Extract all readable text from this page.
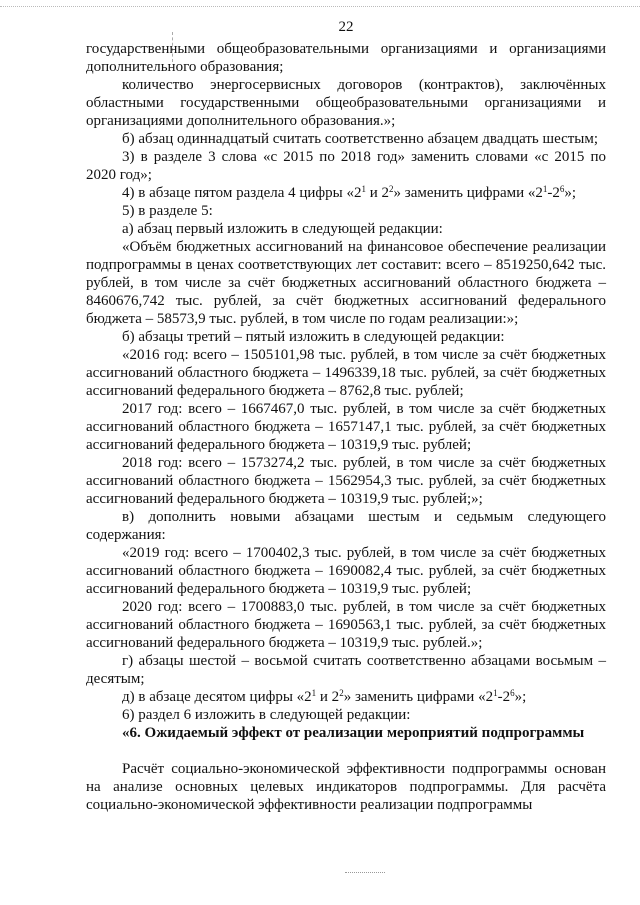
22

государственными общеобразовательными организациями и организациями дополнительного образования;

количество энергосервисных договоров (контрактов), заключённых областными государственными общеобразовательными организациями и организациями дополнительного образования.»;

б) абзац одиннадцатый считать соответственно абзацем двадцать шестым;

3) в разделе 3 слова «с 2015 по 2018 год» заменить словами «с 2015 по 2020 год»;

4) в абзаце пятом раздела 4 цифры «$2^1$ и $2^2$» заменить цифрами «$2^1-2^6$»;

5) в разделе 5:

а) абзац первый изложить в следующей редакции:

«Объём бюджетных ассигнований на финансовое обеспечение реализации подпрограммы в ценах соответствующих лет составит: всего – 8519250,642 тыс. рублей, в том числе за счёт бюджетных ассигнований областного бюджета – 8460676,742 тыс. рублей, за счёт бюджетных ассигнований федерального бюджета – 58573,9 тыс. рублей, в том числе по годам реализации:»;

б) абзацы третий – пятый изложить в следующей редакции:

«2016 год: всего – 1505101,98 тыс. рублей, в том числе за счёт бюджетных ассигнований областного бюджета – 1496339,18 тыс. рублей, за счёт бюджетных ассигнований федерального бюджета – 8762,8 тыс. рублей;

2017 год: всего – 1667467,0 тыс. рублей, в том числе за счёт бюджетных ассигнований областного бюджета – 1657147,1 тыс. рублей, за счёт бюджетных ассигнований федерального бюджета – 10319,9 тыс. рублей;

2018 год: всего – 1573274,2 тыс. рублей, в том числе за счёт бюджетных ассигнований областного бюджета – 1562954,3 тыс. рублей, за счёт бюджетных ассигнований федерального бюджета – 10319,9 тыс. рублей;»;

в) дополнить новыми абзацами шестым и седьмым следующего содержания:

«2019 год: всего – 1700402,3 тыс. рублей, в том числе за счёт бюджетных ассигнований областного бюджета – 1690082,4 тыс. рублей, за счёт бюджетных ассигнований федерального бюджета – 10319,9 тыс. рублей;

2020 год: всего – 1700883,0 тыс. рублей, в том числе за счёт бюджетных ассигнований областного бюджета – 1690563,1 тыс. рублей, за счёт бюджетных ассигнований федерального бюджета – 10319,9 тыс. рублей.»;

г) абзацы шестой – восьмой считать соответственно абзацами восьмым – десятым;

д) в абзаце десятом цифры «$2^1$ и $2^2$» заменить цифрами «$2^1-2^6$»;

6) раздел 6 изложить в следующей редакции:

«6. Ожидаемый эффект от реализации мероприятий подпрограммы

Расчёт социально-экономической эффективности подпрограммы основан на анализе основных целевых индикаторов подпрограммы. Для расчёта социально-экономической эффективности реализации подпрограммы
